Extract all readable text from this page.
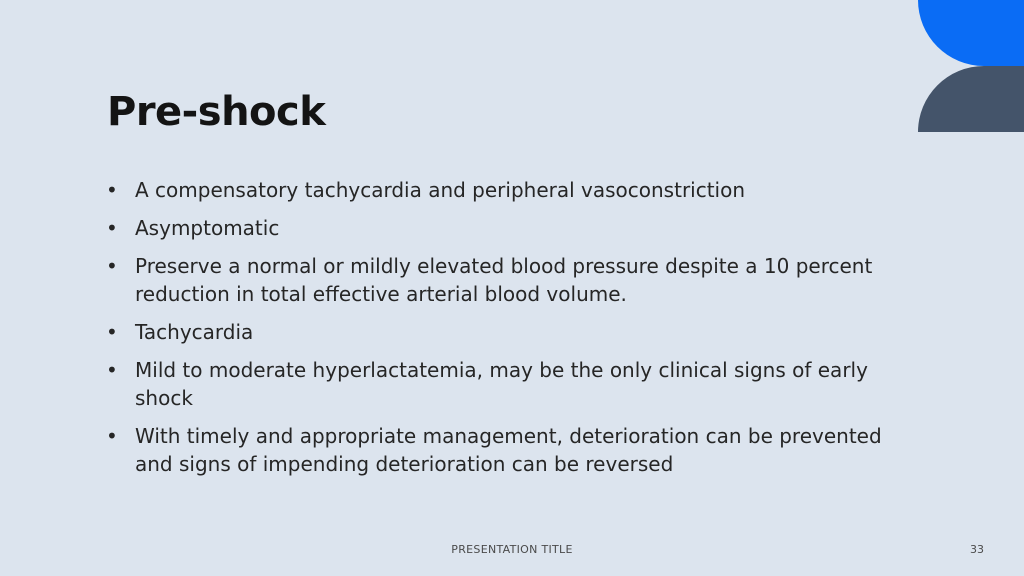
Pre-shock
• A compensatory tachycardia and peripheral vasoconstriction
• Asymptomatic
• Preserve a normal or mildly elevated blood pressure despite a 10 percent reduction in total effective arterial blood volume.
• Tachycardia
• Mild to moderate hyperlactatemia, may be the only clinical signs of early shock
• With timely and appropriate management, deterioration can be prevented and signs of impending deterioration can be reversed
PRESENTATION TITLE	33
